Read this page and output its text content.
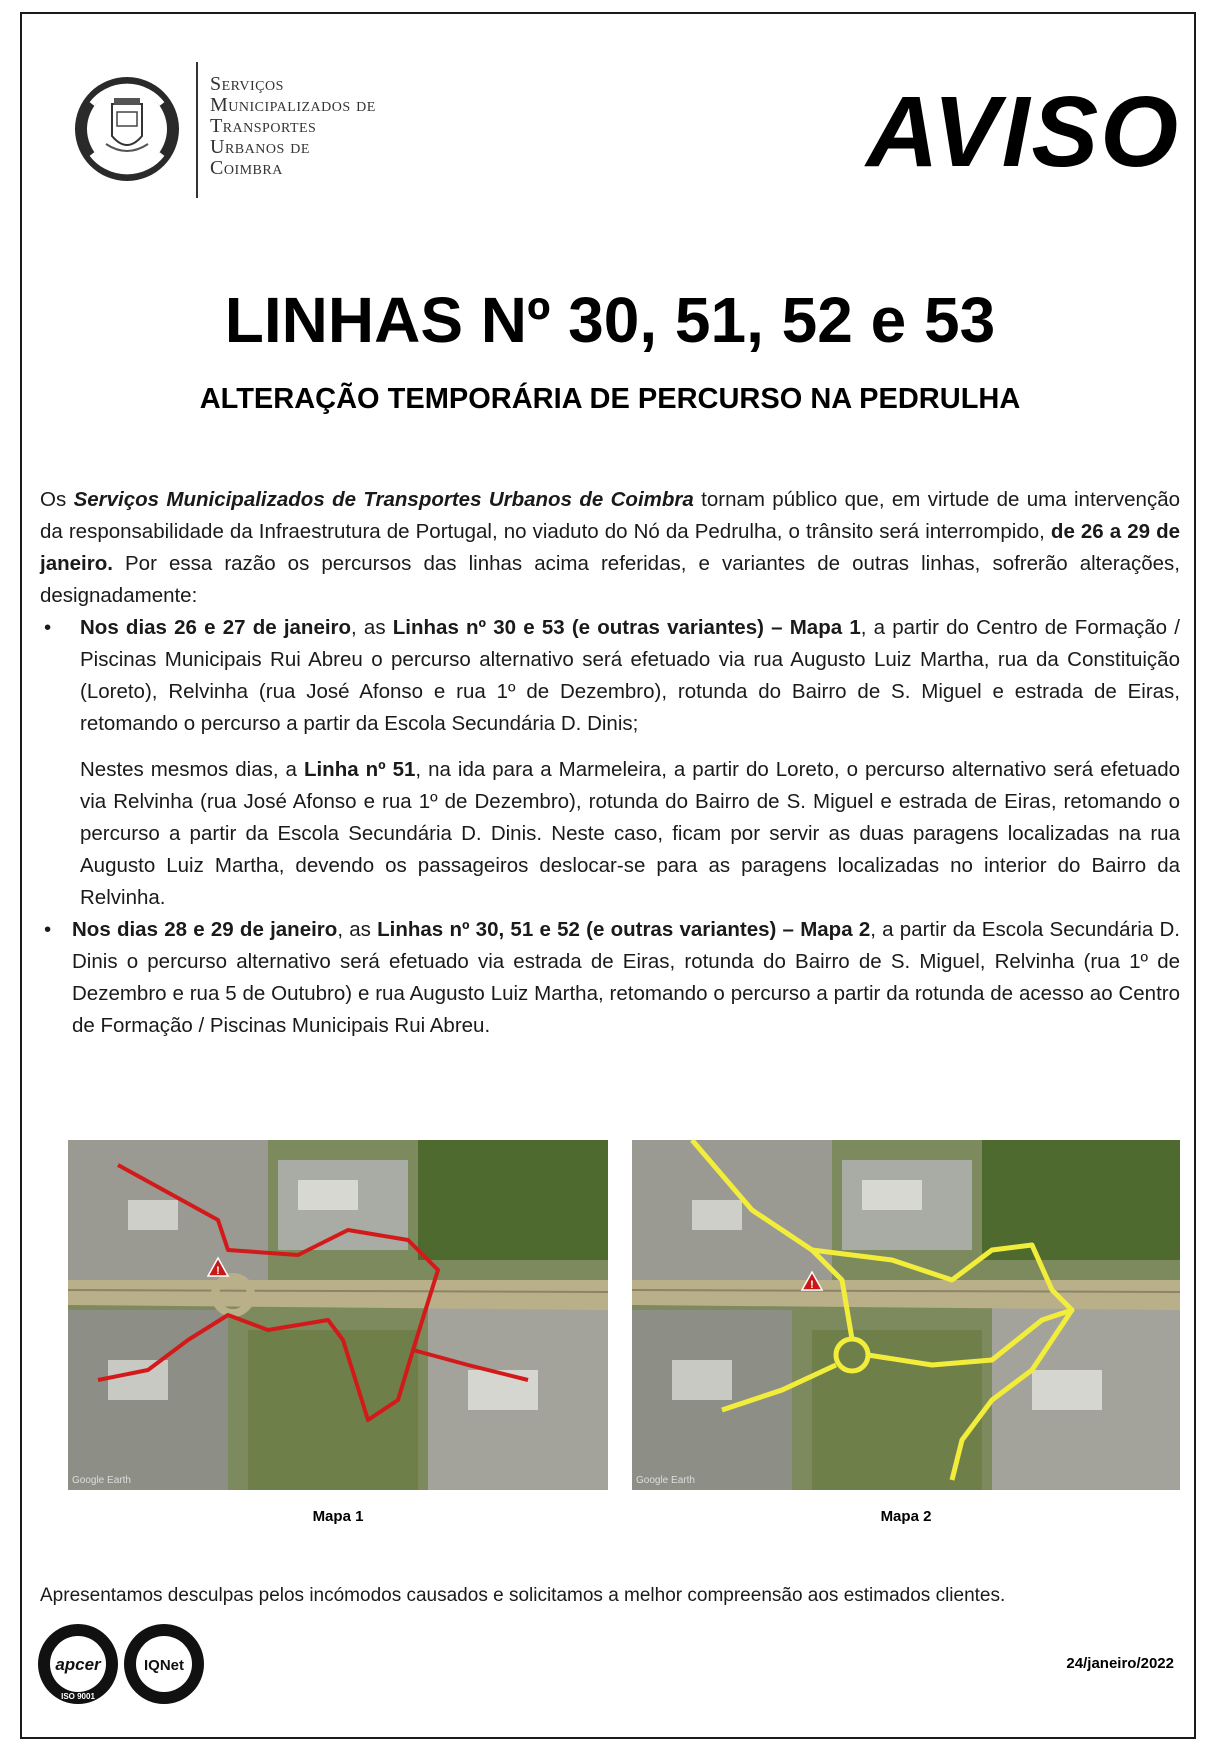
Serviços
Municipalizados de
Transportes
Urbanos de
Coimbra	AVISO
LINHAS Nº 30, 51, 52 e 53
ALTERAÇÃO TEMPORÁRIA DE PERCURSO NA PEDRULHA

Os Serviços Municipalizados de Transportes Urbanos de Coimbra tornam público que, em virtude de uma intervenção da responsabilidade da Infraestrutura de Portugal, no viaduto do Nó da Pedrulha, o trânsito será interrompido, de 26 a 29 de janeiro. Por essa razão os percursos das linhas acima referidas, e variantes de outras linhas, sofrerão alterações, designadamente:

• Nos dias 26 e 27 de janeiro, as Linhas nº 30 e 53 (e outras variantes) – Mapa 1, a partir do Centro de Formação / Piscinas Municipais Rui Abreu o percurso alternativo será efetuado via rua Augusto Luiz Martha, rua da Constituição (Loreto), Relvinha (rua José Afonso e rua 1º de Dezembro), rotunda do Bairro de S. Miguel e estrada de Eiras, retomando o percurso a partir da Escola Secundária D. Dinis;

Nestes mesmos dias, a Linha nº 51, na ida para a Marmeleira, a partir do Loreto, o percurso alternativo será efetuado via Relvinha (rua José Afonso e rua 1º de Dezembro), rotunda do Bairro de S. Miguel e estrada de Eiras, retomando o percurso a partir da Escola Secundária D. Dinis. Neste caso, ficam por servir as duas paragens localizadas na rua Augusto Luiz Martha, devendo os passageiros deslocar-se para as paragens localizadas no interior do Bairro da Relvinha.

• Nos dias 28 e 29 de janeiro, as Linhas nº 30, 51 e 52 (e outras variantes) – Mapa 2, a partir da Escola Secundária D. Dinis o percurso alternativo será efetuado via estrada de Eiras, rotunda do Bairro de S. Miguel, Relvinha (rua 1º de Dezembro e rua 5 de Outubro) e rua Augusto Luiz Martha, retomando o percurso a partir da rotunda de acesso ao Centro de Formação / Piscinas Municipais Rui Abreu.

!
Google Earth
!
Google Earth
Mapa 1	Mapa 2
Apresentamos desculpas pelos incómodos causados e solicitamos a melhor compreensão aos estimados clientes.
apcer
ISO 9001
IQNet	24/janeiro/2022
